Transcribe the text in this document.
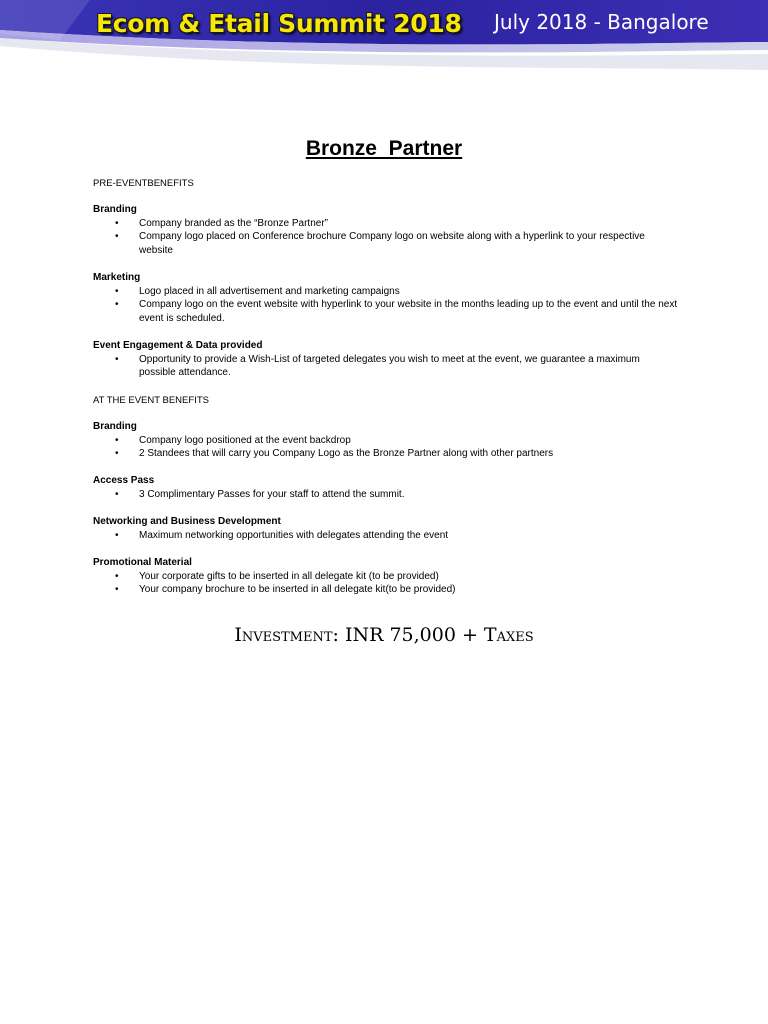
Ecom & Etail Summit 2018 July 2018 - Bangalore
Bronze  Partner
PRE-EVENTBENEFITS

Branding

• Company branded as the “Bronze Partner”
• Company logo placed on Conference brochure Company logo on website along with a hyperlink to your respective website

Marketing

• Logo placed in all advertisement and marketing campaigns
• Company logo on the event website with hyperlink to your website in the months leading up to the event and until the next event is scheduled.

Event Engagement & Data provided

• Opportunity to provide a Wish-List of targeted delegates you wish to meet at the event, we guarantee a maximum possible attendance.
AT THE EVENT BENEFITS

Branding

• Company logo positioned at the event backdrop
• 2 Standees that will carry you Company Logo as the Bronze Partner along with other partners

Access Pass

• 3 Complimentary Passes for your staff to attend the summit.

Networking and Business Development

• Maximum networking opportunities with delegates attending the event

Promotional Material

• Your corporate gifts to be inserted in all delegate kit (to be provided)
• Your company brochure to be inserted in all delegate kit(to be provided)
Investment: INR 75,000 + Taxes
